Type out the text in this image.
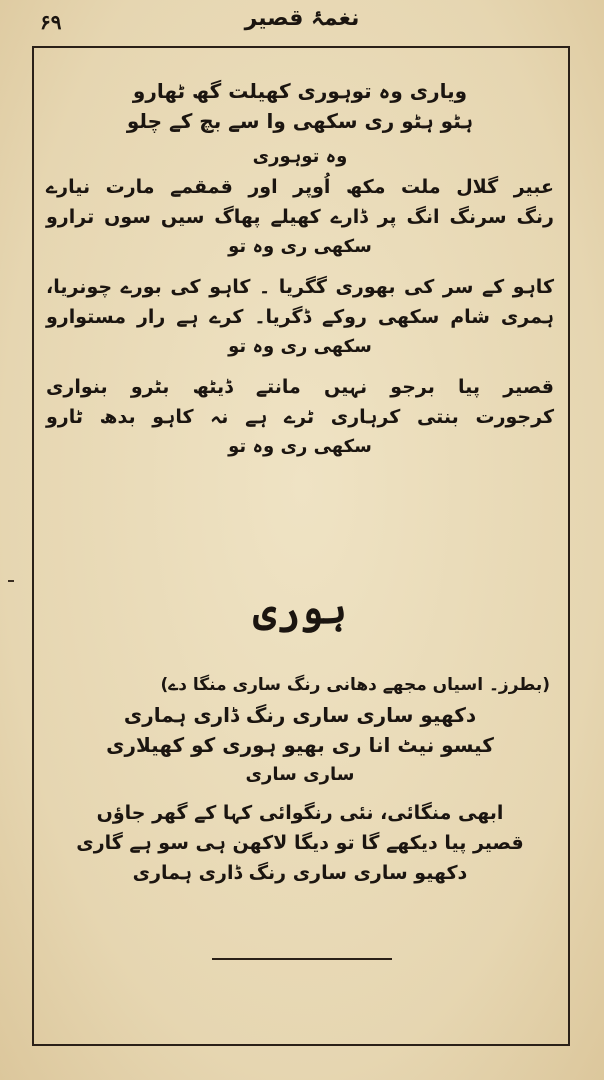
۶۹	نغمۂ قصیر
ویاری وہ توہوری کھیلت گھ ٹھارو
ہٹو ہٹو ری سکھی وا سے بچ کے چلو
وہ توہوری
عبیر گلال ملت مکھ اُوپر اور قمقمے مارت نیارے
رنگ سرنگ انگ پر ڈارے کھیلے پھاگ سیں سوں ترارو
سکھی ری وہ تو
کاہو کے سر کی بھوری گگریا ۔ کاہو کی بورے چونریا،
ہمری شام سکھی روکے ڈگریا۔ کرے ہے رار مستوارو
سکھی ری وہ تو
قصیر پیا برجو نہیں مانتے ڈیٹھ بٹرو بنواری
کرجورت بنتی کرہاری ٹرے ہے نہ کاہو بدھ ٹارو
سکھی ری وہ تو
ہوری
(بطرز۔ اسیاں مجھے دھانی رنگ ساری منگا دے)
دکھیو ساری ساری رنگ ڈاری ہماری
کیسو نیٹ انا ری بھیو ہوری کو کھیلاری
ساری ساری
ابھی منگائی، نئی رنگوائی کہا کے گھر جاؤں
قصیر پیا دیکھے گا تو دیگا لاکھن ہی سو ہے گاری
دکھیو ساری ساری رنگ ڈاری ہماری
